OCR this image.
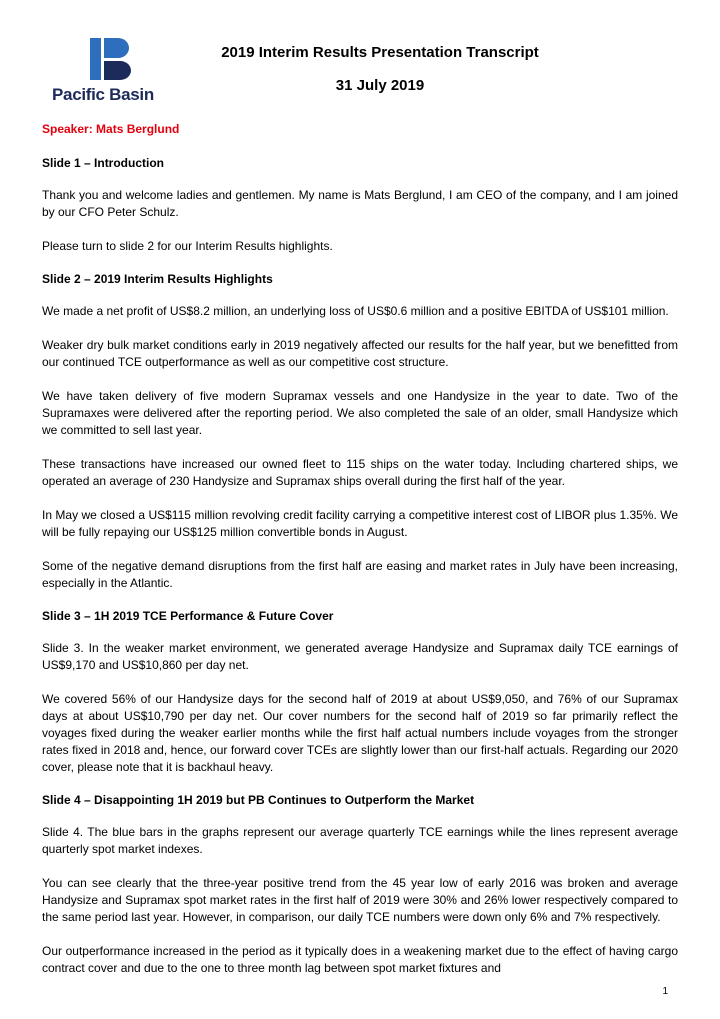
Pacific Basin
2019 Interim Results Presentation Transcript
31 July 2019
Speaker: Mats Berglund
Slide 1 – Introduction

Thank you and welcome ladies and gentlemen. My name is Mats Berglund, I am CEO of the company, and I am joined by our CFO Peter Schulz.

Please turn to slide 2 for our Interim Results highlights.

Slide 2 – 2019 Interim Results Highlights

We made a net profit of US$8.2 million, an underlying loss of US$0.6 million and a positive EBITDA of US$101 million.

Weaker dry bulk market conditions early in 2019 negatively affected our results for the half year, but we benefitted from our continued TCE outperformance as well as our competitive cost structure.

We have taken delivery of five modern Supramax vessels and one Handysize in the year to date. Two of the Supramaxes were delivered after the reporting period. We also completed the sale of an older, small Handysize which we committed to sell last year.

These transactions have increased our owned fleet to 115 ships on the water today. Including chartered ships, we operated an average of 230 Handysize and Supramax ships overall during the first half of the year.

In May we closed a US$115 million revolving credit facility carrying a competitive interest cost of LIBOR plus 1.35%. We will be fully repaying our US$125 million convertible bonds in August.

Some of the negative demand disruptions from the first half are easing and market rates in July have been increasing, especially in the Atlantic.

Slide 3 – 1H 2019 TCE Performance & Future Cover

Slide 3. In the weaker market environment, we generated average Handysize and Supramax daily TCE earnings of US$9,170 and US$10,860 per day net.

We covered 56% of our Handysize days for the second half of 2019 at about US$9,050, and 76% of our Supramax days at about US$10,790 per day net. Our cover numbers for the second half of 2019 so far primarily reflect the voyages fixed during the weaker earlier months while the first half actual numbers include voyages from the stronger rates fixed in 2018 and, hence, our forward cover TCEs are slightly lower than our first-half actuals. Regarding our 2020 cover, please note that it is backhaul heavy.

Slide 4 – Disappointing 1H 2019 but PB Continues to Outperform the Market

Slide 4. The blue bars in the graphs represent our average quarterly TCE earnings while the lines represent average quarterly spot market indexes.

You can see clearly that the three-year positive trend from the 45 year low of early 2016 was broken and average Handysize and Supramax spot market rates in the first half of 2019 were 30% and 26% lower respectively compared to the same period last year. However, in comparison, our daily TCE numbers were down only 6% and 7% respectively.

Our outperformance increased in the period as it typically does in a weakening market due to the effect of having cargo contract cover and due to the one to three month lag between spot market fixtures and

1
